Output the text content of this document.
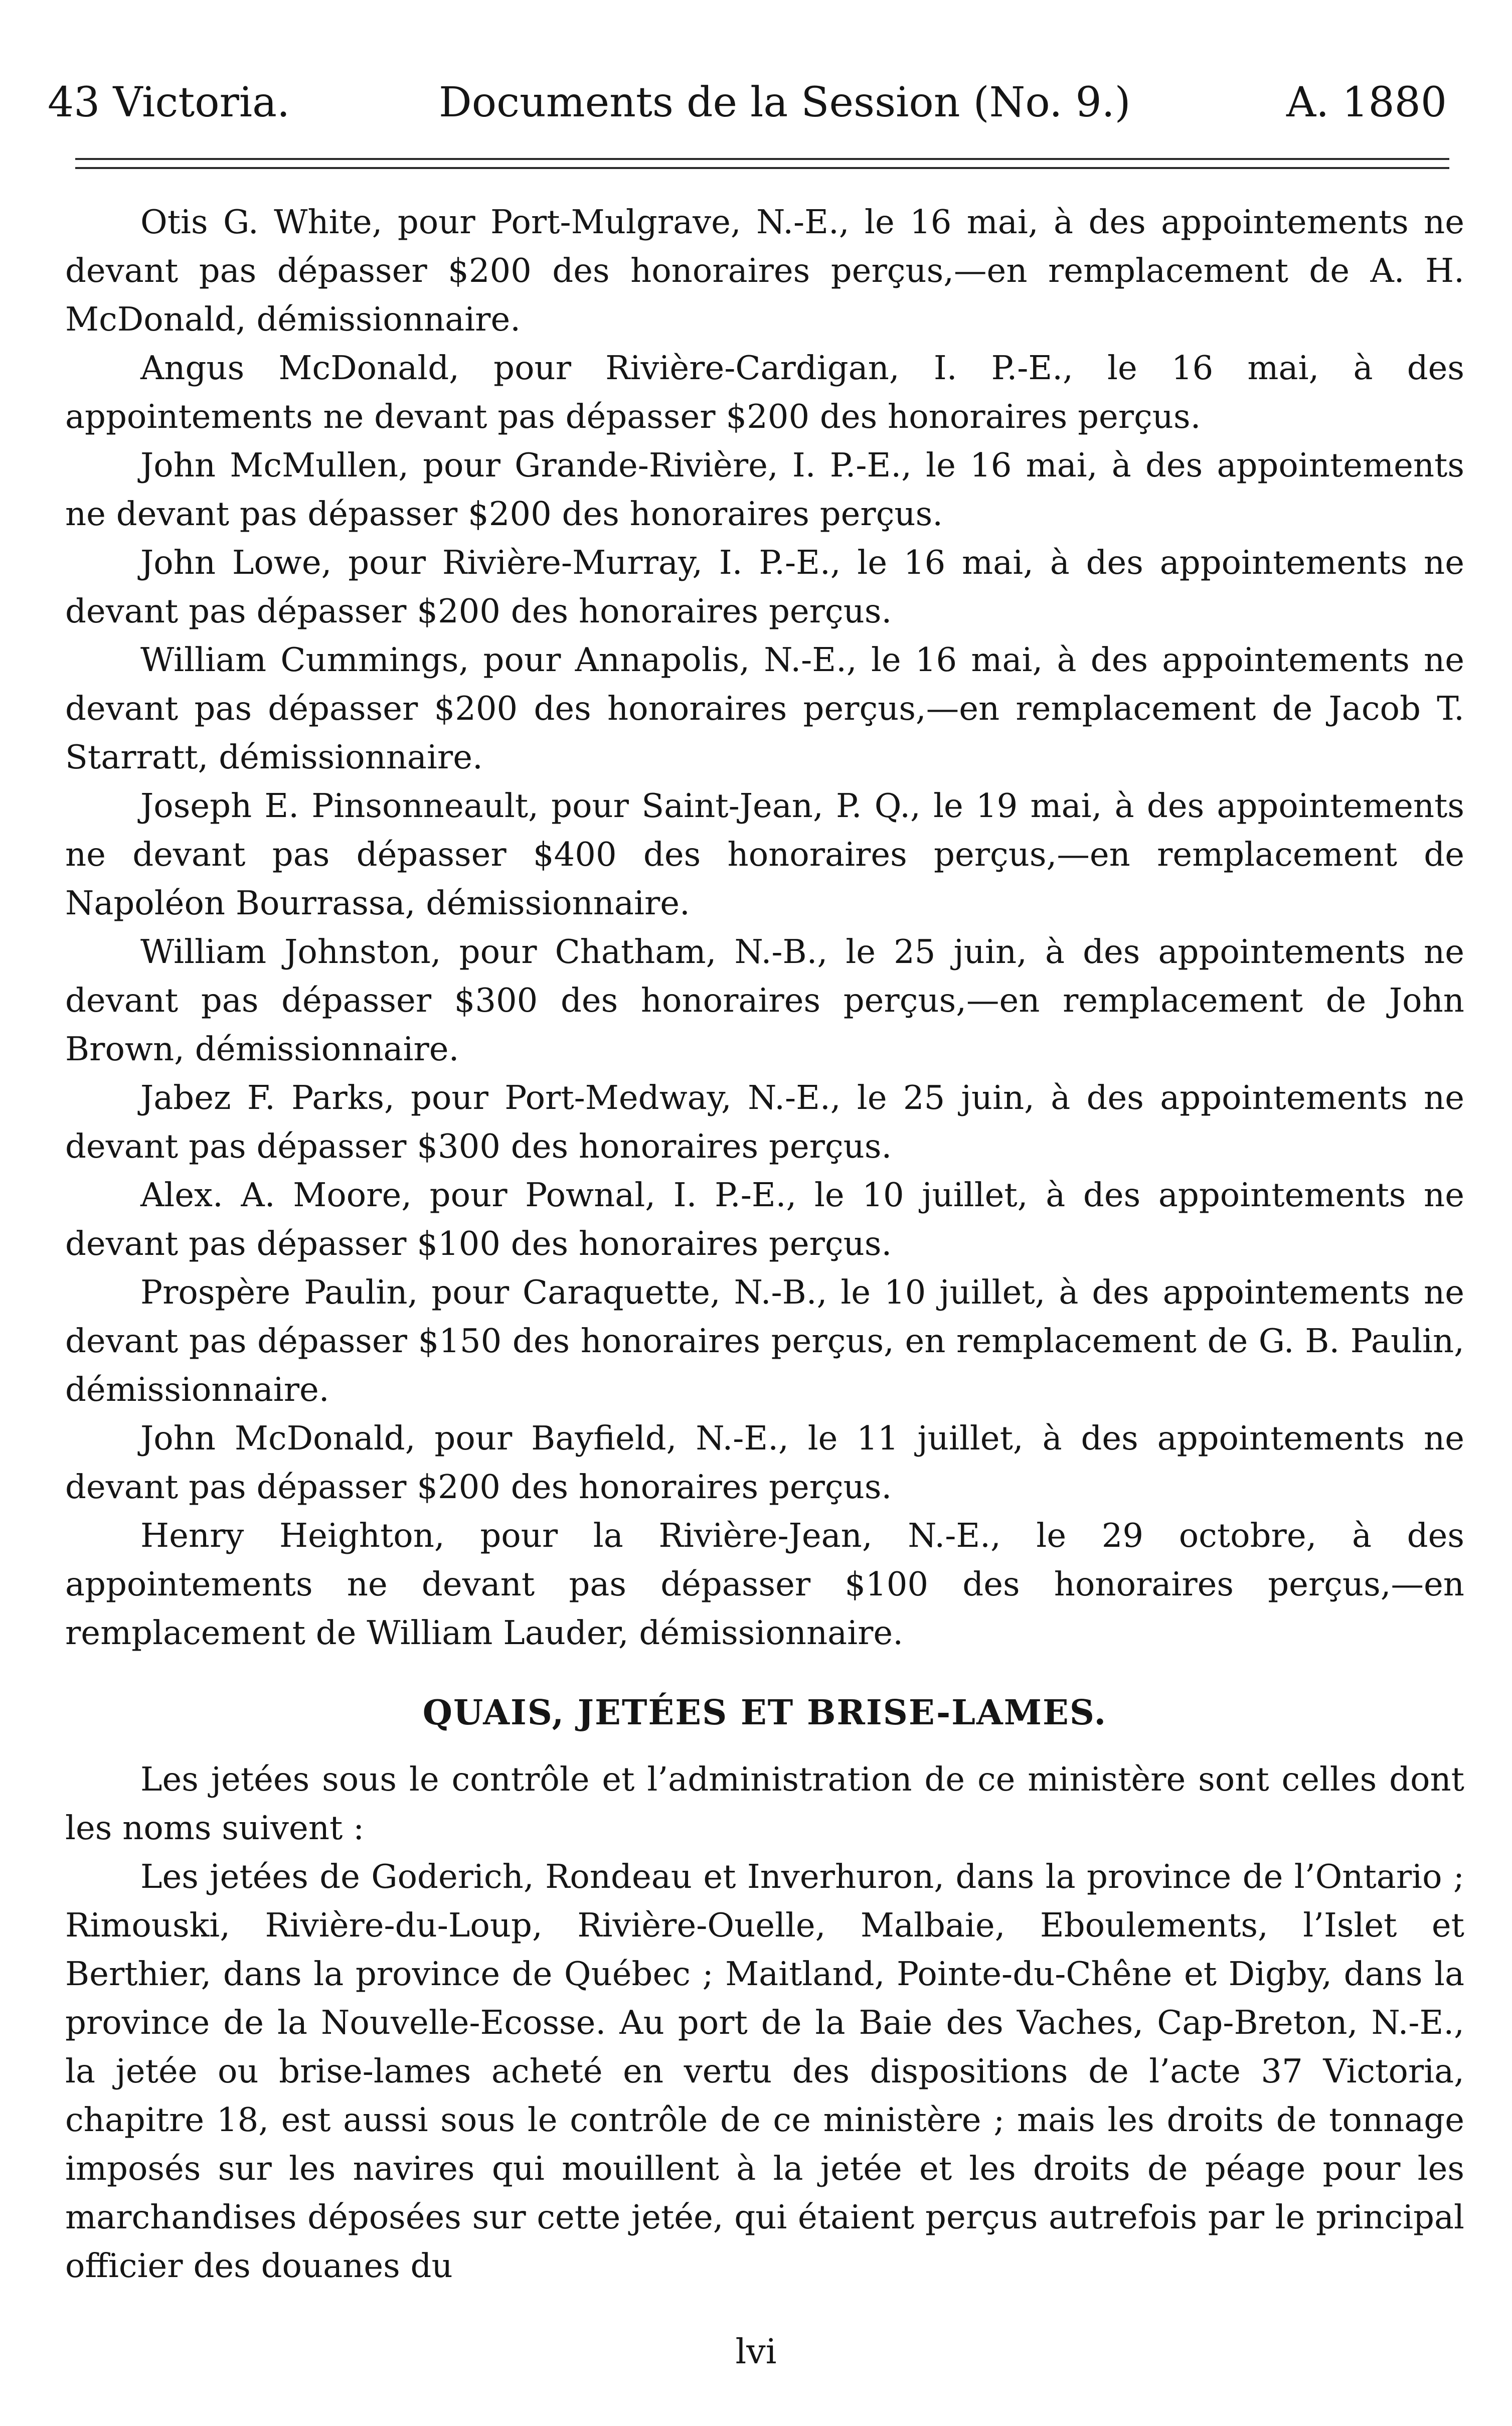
43 Victoria.	Documents de la Session (No. 9.)	A. 1880

Otis G. White, pour Port-Mulgrave, N.-E., le 16 mai, à des appointements ne devant pas dépasser $200 des honoraires perçus,—en remplacement de A. H. McDonald, démissionnaire.

Angus McDonald, pour Rivière-Cardigan, I. P.-E., le 16 mai, à des appointements ne devant pas dépasser $200 des honoraires perçus.

John McMullen, pour Grande-Rivière, I. P.-E., le 16 mai, à des appointements ne devant pas dépasser $200 des honoraires perçus.

John Lowe, pour Rivière-Murray, I. P.-E., le 16 mai, à des appointements ne devant pas dépasser $200 des honoraires perçus.

William Cummings, pour Annapolis, N.-E., le 16 mai, à des appointements ne devant pas dépasser $200 des honoraires perçus,—en remplacement de Jacob T. Starratt, démissionnaire.

Joseph E. Pinsonneault, pour Saint-Jean, P. Q., le 19 mai, à des appointements ne devant pas dépasser $400 des honoraires perçus,—en remplacement de Napoléon Bourrassa, démissionnaire.

William Johnston, pour Chatham, N.-B., le 25 juin, à des appointements ne devant pas dépasser $300 des honoraires perçus,—en remplacement de John Brown, démissionnaire.

Jabez F. Parks, pour Port-Medway, N.-E., le 25 juin, à des appointements ne devant pas dépasser $300 des honoraires perçus.

Alex. A. Moore, pour Pownal, I. P.-E., le 10 juillet, à des appointements ne devant pas dépasser $100 des honoraires perçus.

Prospère Paulin, pour Caraquette, N.-B., le 10 juillet, à des appointements ne devant pas dépasser $150 des honoraires perçus, en remplacement de G. B. Paulin, démissionnaire.

John McDonald, pour Bayfield, N.-E., le 11 juillet, à des appointements ne devant pas dépasser $200 des honoraires perçus.

Henry Heighton, pour la Rivière-Jean, N.-E., le 29 octobre, à des appointements ne devant pas dépasser $100 des honoraires perçus,—en remplacement de William Lauder, démissionnaire.

QUAIS, JETÉES ET BRISE-LAMES.

Les jetées sous le contrôle et l’administration de ce ministère sont celles dont les noms suivent :

Les jetées de Goderich, Rondeau et Inverhuron, dans la province de l’Ontario ; Rimouski, Rivière-du-Loup, Rivière-Ouelle, Malbaie, Eboulements, l’Islet et Berthier, dans la province de Québec ; Maitland, Pointe-du-Chêne et Digby, dans la province de la Nouvelle-Ecosse. Au port de la Baie des Vaches, Cap-Breton, N.-E., la jetée ou brise-lames acheté en vertu des dispositions de l’acte 37 Victoria, chapitre 18, est aussi sous le contrôle de ce ministère ; mais les droits de tonnage imposés sur les navires qui mouillent à la jetée et les droits de péage pour les marchandises déposées sur cette jetée, qui étaient perçus autrefois par le principal officier des douanes du

lvi
